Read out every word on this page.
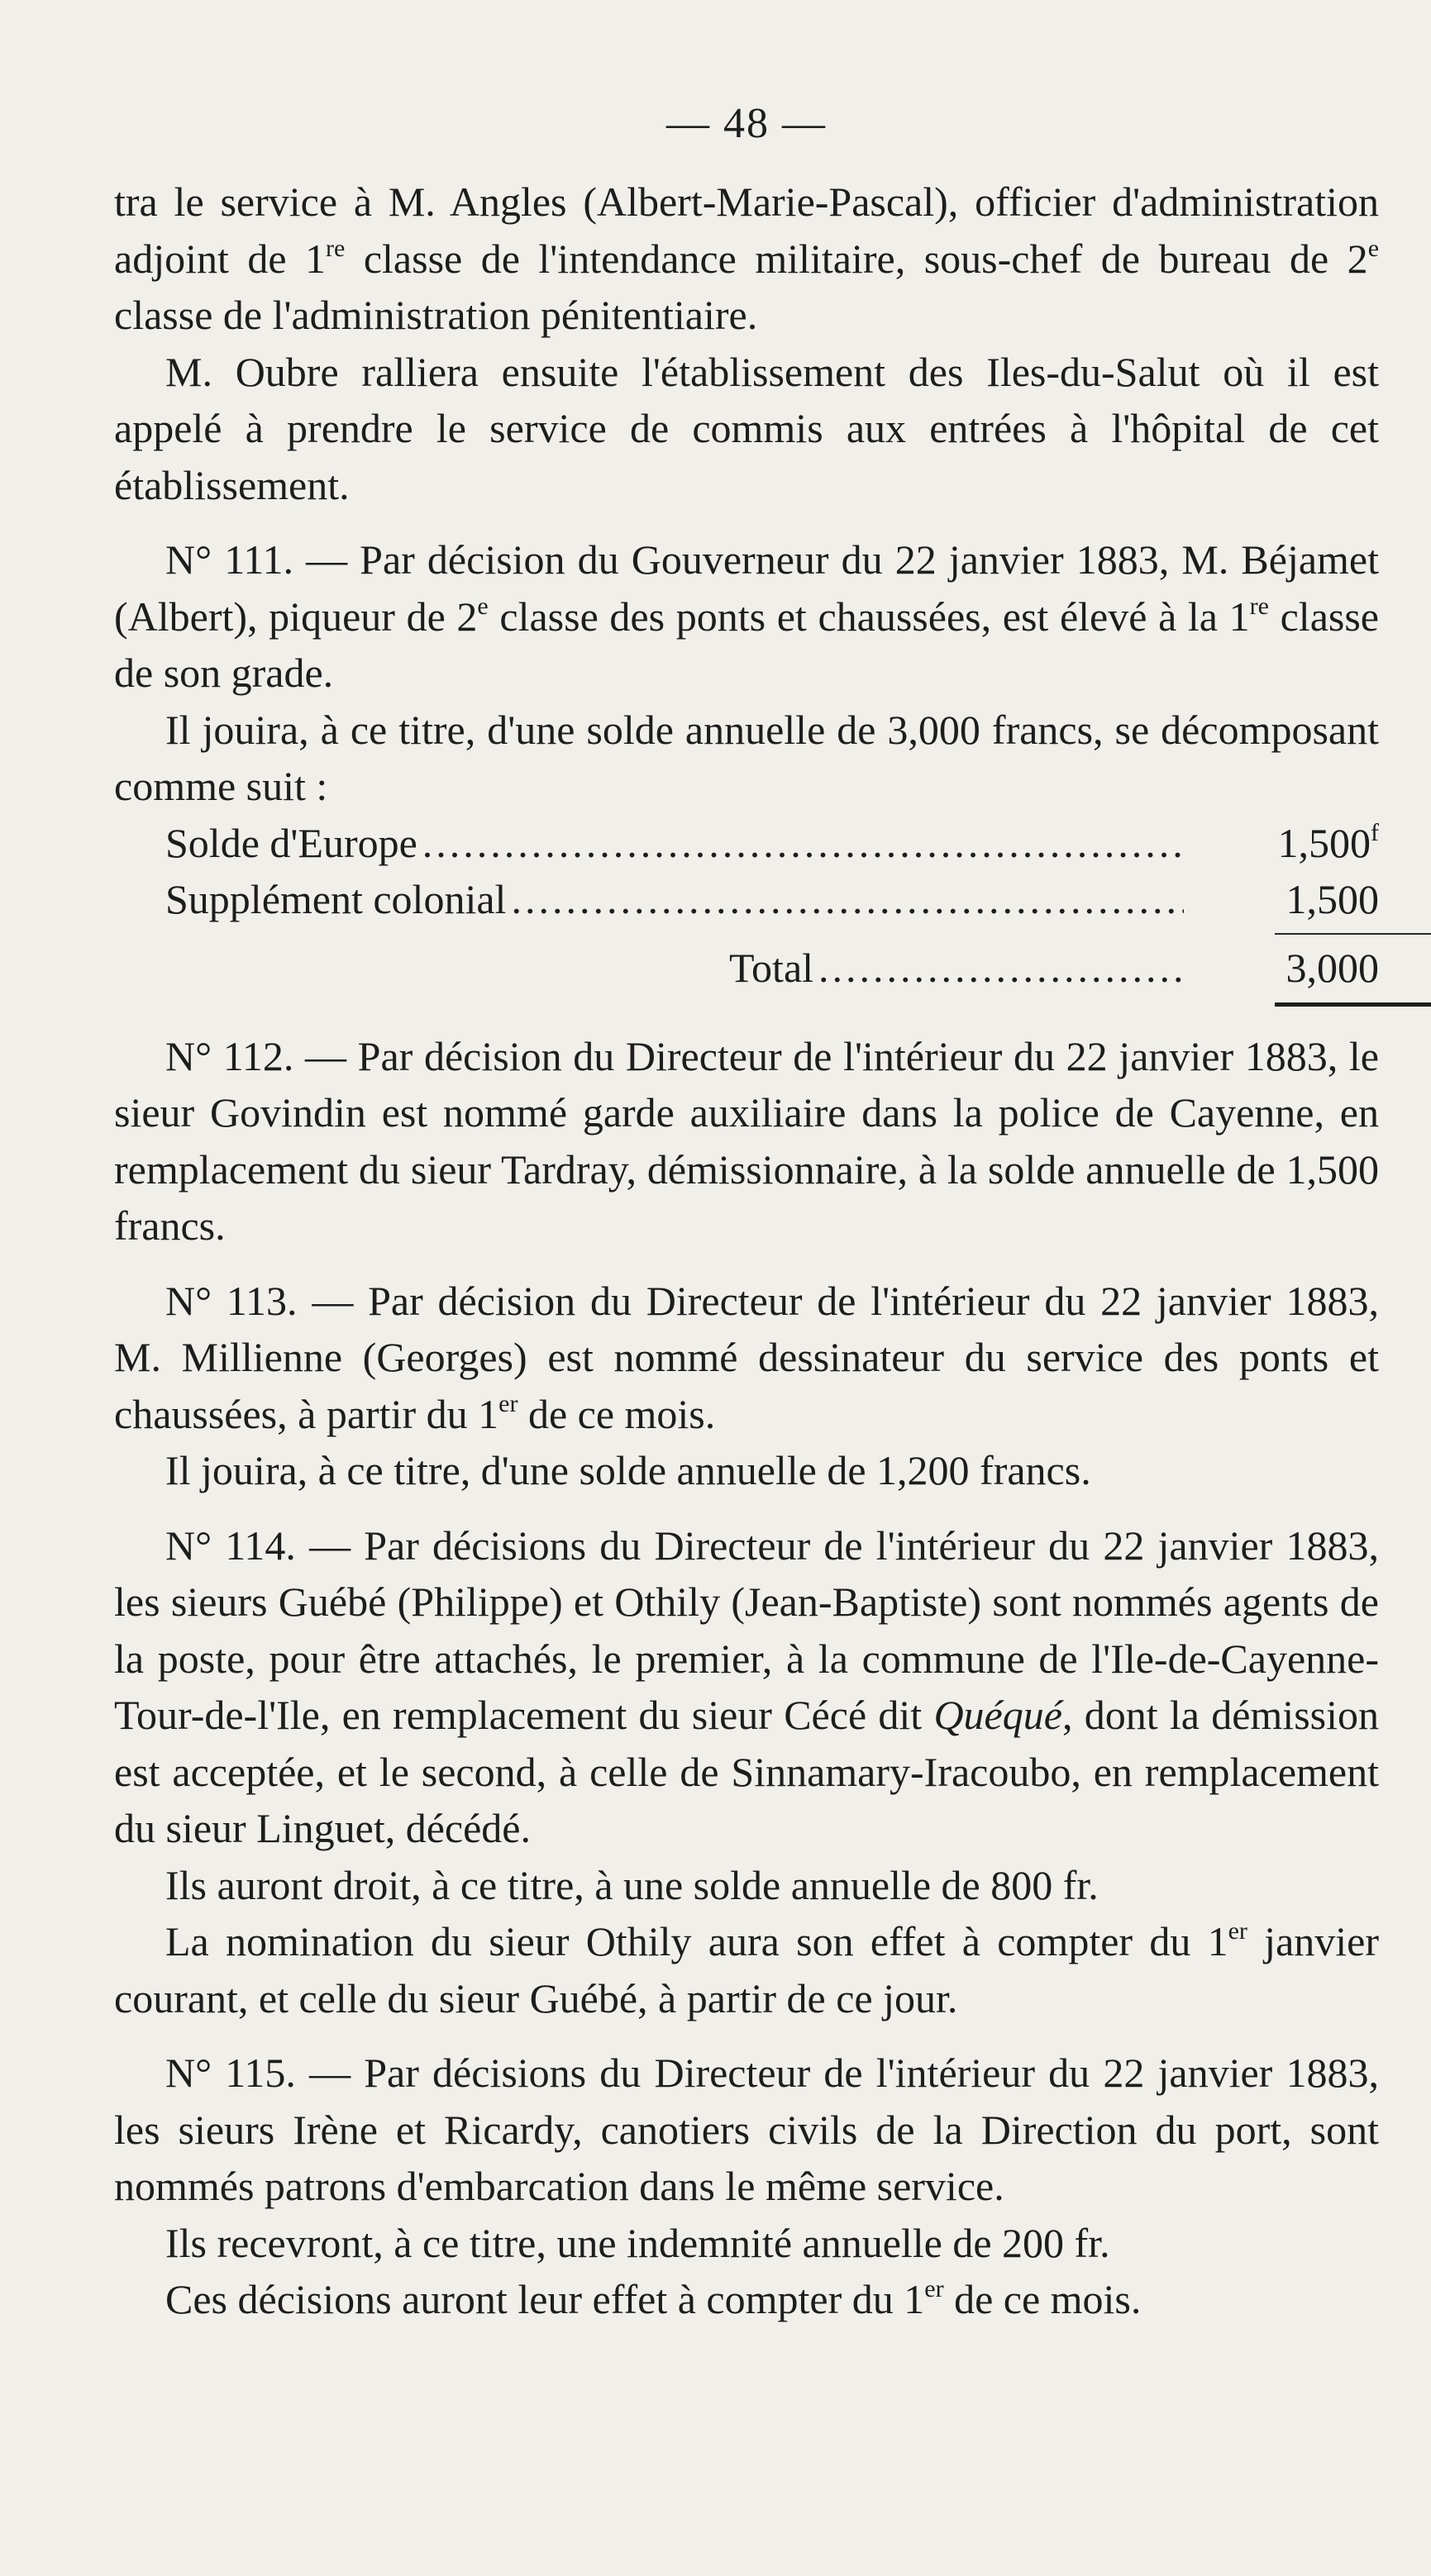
— 48 —

tra le service à M. Angles (Albert-Marie-Pascal), officier d'administration adjoint de 1re classe de l'intendance militaire, sous-chef de bureau de 2e classe de l'administration pénitentiaire.

M. Oubre ralliera ensuite l'établissement des Iles-du-Salut où il est appelé à prendre le service de commis aux entrées à l'hôpital de cet établissement.

N° 111. — Par décision du Gouverneur du 22 janvier 1883, M. Béjamet (Albert), piqueur de 2e classe des ponts et chaussées, est élevé à la 1re classe de son grade.

Il jouira, à ce titre, d'une solde annuelle de 3,000 francs, se décomposant comme suit :

Solde d'Europe .....	1,500$^f$
Supplément colonial .....	1,500
Total .....	3,000

N° 112. — Par décision du Directeur de l'intérieur du 22 janvier 1883, le sieur Govindin est nommé garde auxiliaire dans la police de Cayenne, en remplacement du sieur Tardray, démissionnaire, à la solde annuelle de 1,500 francs.

N° 113. — Par décision du Directeur de l'intérieur du 22 janvier 1883, M. Millienne (Georges) est nommé dessinateur du service des ponts et chaussées, à partir du 1er de ce mois.

Il jouira, à ce titre, d'une solde annuelle de 1,200 francs.

N° 114. — Par décisions du Directeur de l'intérieur du 22 janvier 1883, les sieurs Guébé (Philippe) et Othily (Jean-Baptiste) sont nommés agents de la poste, pour être attachés, le premier, à la commune de l'Ile-de-Cayenne-Tour-de-l'Ile, en remplacement du sieur Cécé dit Quéqué, dont la démission est acceptée, et le second, à celle de Sinnamary-Iracoubo, en remplacement du sieur Linguet, décédé.

Ils auront droit, à ce titre, à une solde annuelle de 800 fr.

La nomination du sieur Othily aura son effet à compter du 1er janvier courant, et celle du sieur Guébé, à partir de ce jour.

N° 115. — Par décisions du Directeur de l'intérieur du 22 janvier 1883, les sieurs Irène et Ricardy, canotiers civils de la Direction du port, sont nommés patrons d'embarcation dans le même service.

Ils recevront, à ce titre, une indemnité annuelle de 200 fr.

Ces décisions auront leur effet à compter du 1er de ce mois.
